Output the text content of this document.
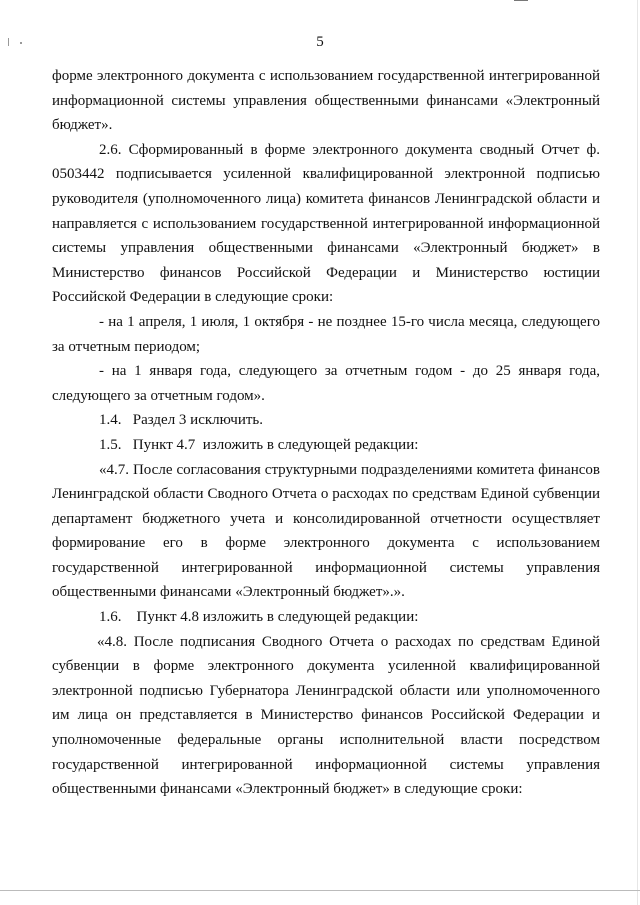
5

форме электронного документа с использованием государственной интегрированной информационной системы управления общественными финансами «Электронный бюджет».

2.6. Сформированный в форме электронного документа сводный Отчет ф. 0503442 подписывается усиленной квалифицированной электронной подписью руководителя (уполномоченного лица) комитета финансов Ленинградской области и направляется с использованием государственной интегрированной информационной системы управления общественными финансами «Электронный бюджет» в Министерство финансов Российской Федерации и Министерство юстиции Российской Федерации в следующие сроки:

- на 1 апреля, 1 июля, 1 октября - не позднее 15-го числа месяца, следующего за отчетным периодом;

- на 1 января года, следующего за отчетным годом - до 25 января года, следующего за отчетным годом».

1.4.   Раздел 3 исключить.

1.5.   Пункт 4.7  изложить в следующей редакции:

«4.7. После согласования структурными подразделениями комитета финансов Ленинградской области Сводного Отчета о расходах по средствам Единой субвенции департамент бюджетного учета и консолидированной отчетности осуществляет формирование его в форме электронного документа с использованием государственной интегрированной информационной системы управления общественными финансами «Электронный бюджет».».

1.6.    Пункт 4.8 изложить в следующей редакции:

«4.8. После подписания Сводного Отчета о расходах по средствам Единой субвенции в форме электронного документа усиленной квалифицированной электронной подписью Губернатора Ленинградской области или уполномоченного им лица он представляется в Министерство финансов Российской Федерации и уполномоченные федеральные органы исполнительной власти посредством государственной интегрированной информационной системы управления общественными финансами «Электронный бюджет» в следующие сроки:
